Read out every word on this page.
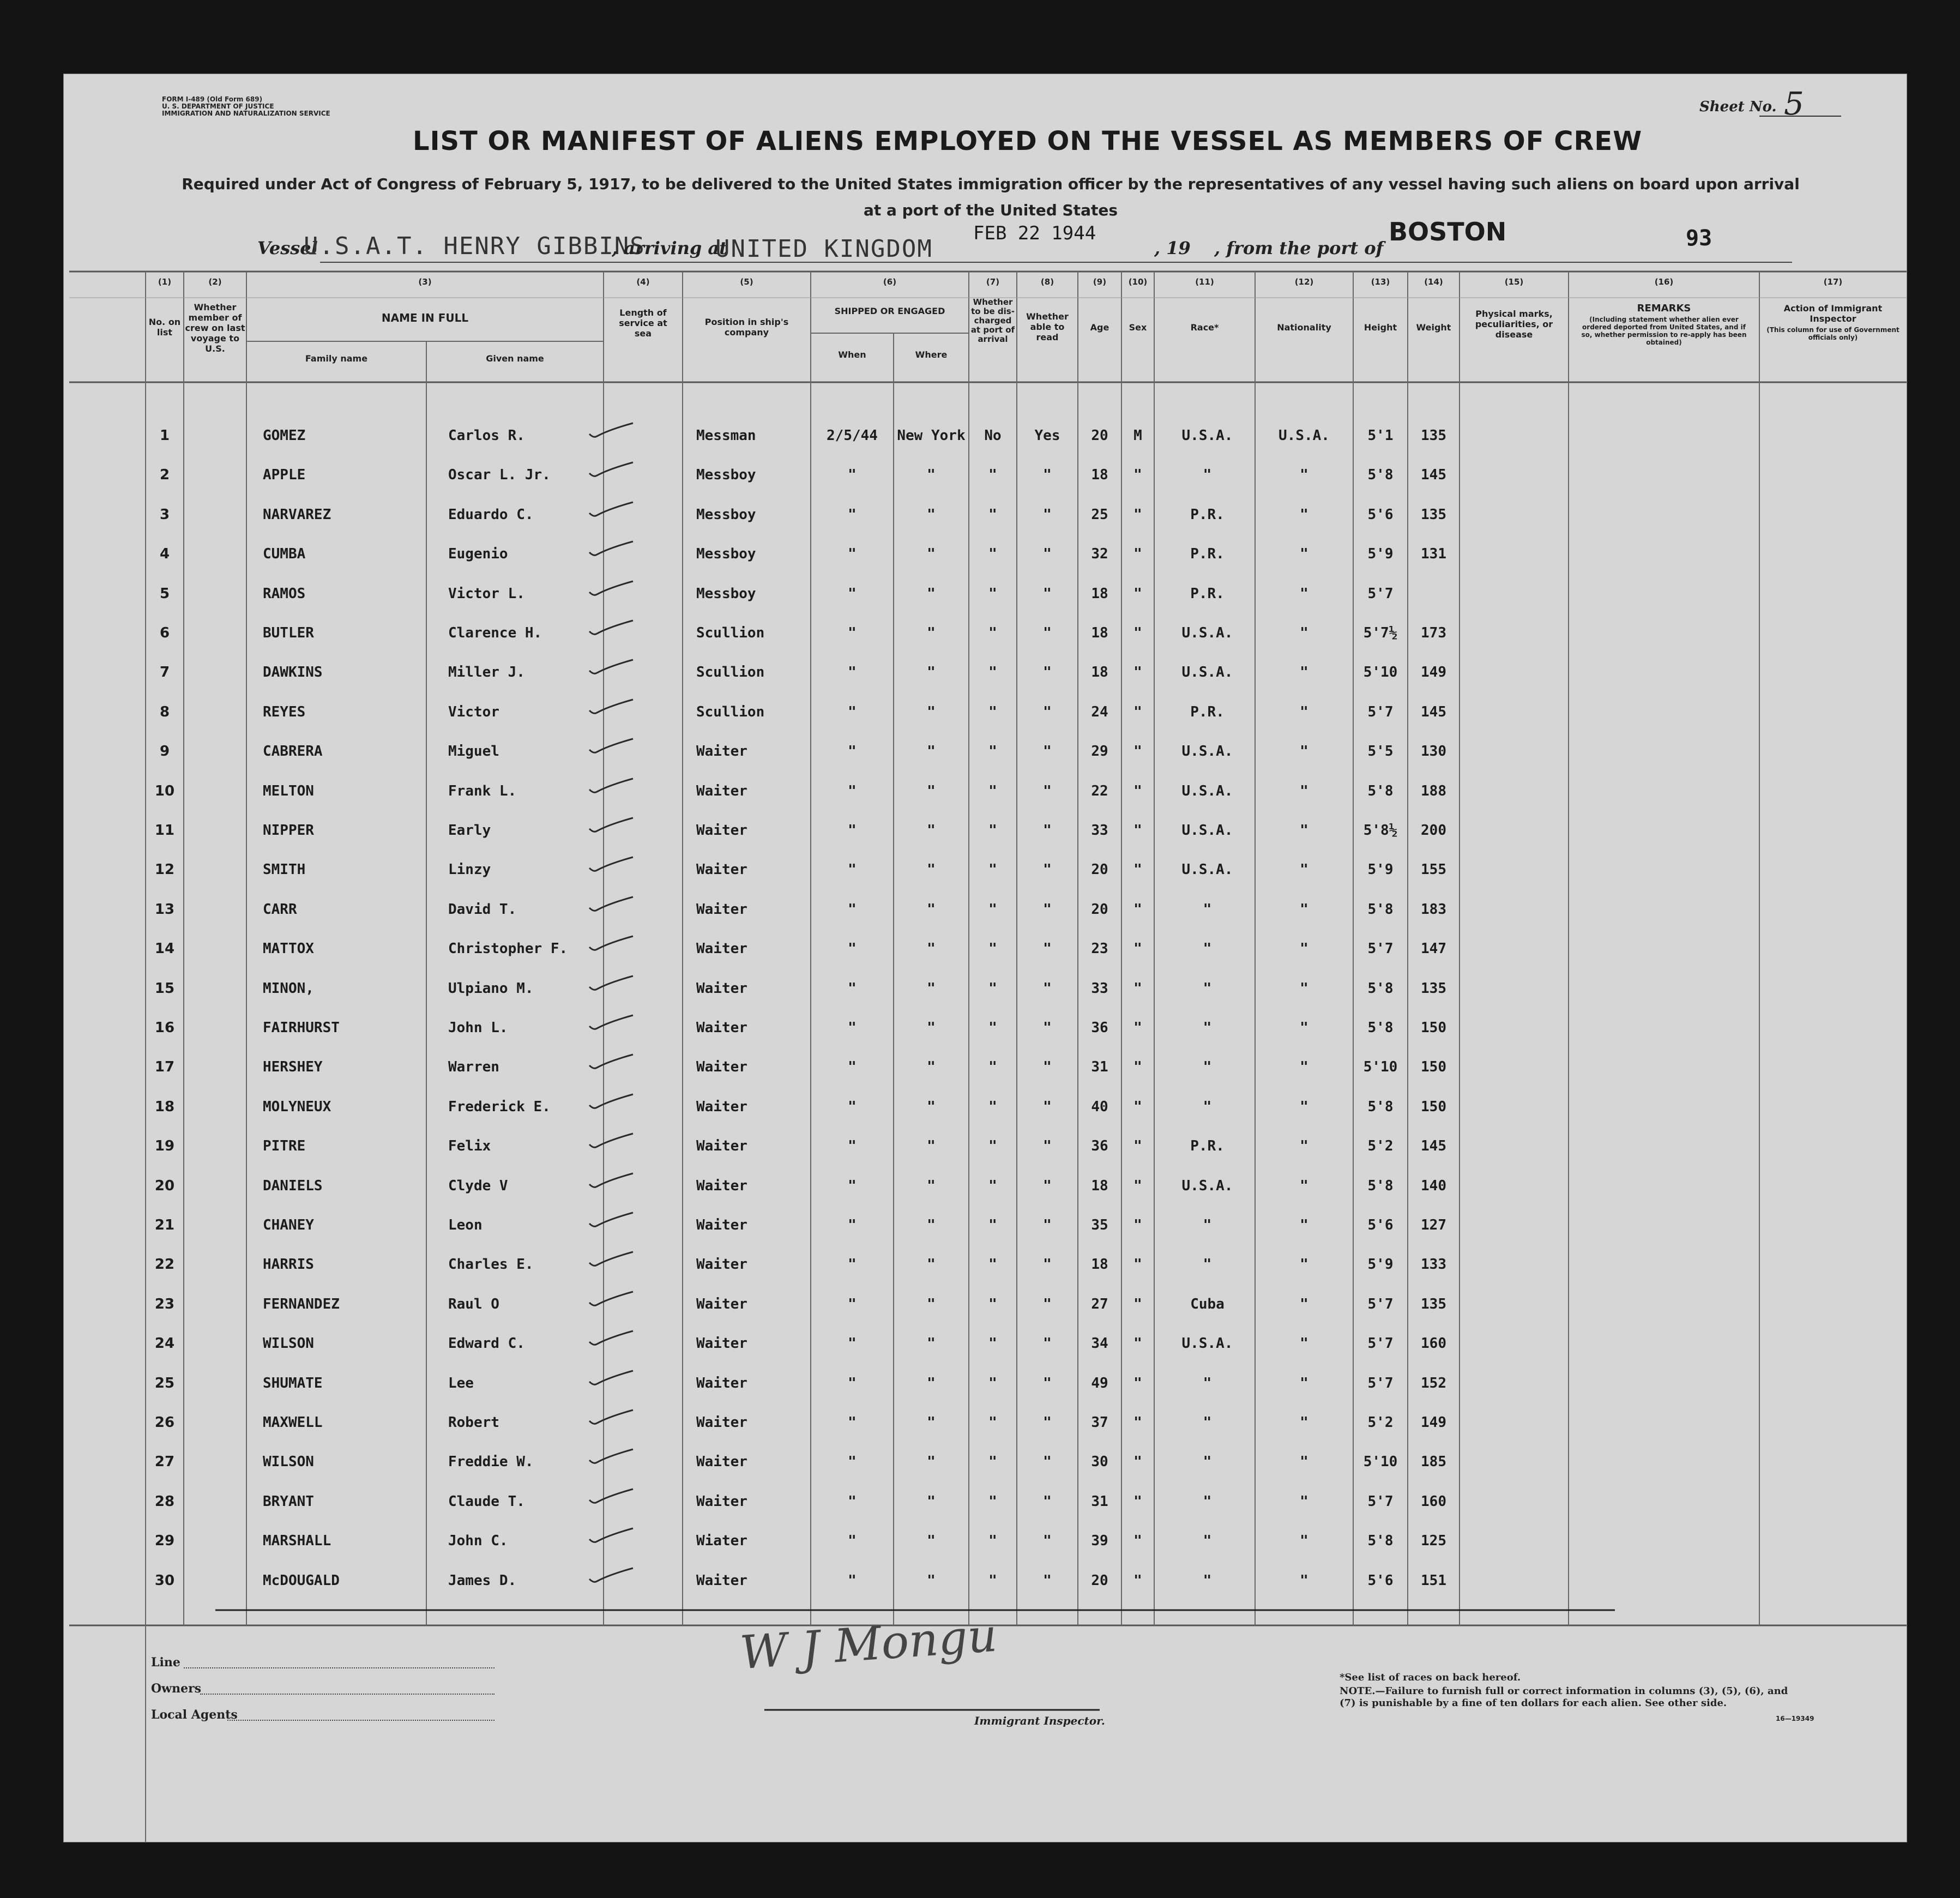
FORM I-489 (Old Form 689)
U. S. DEPARTMENT OF JUSTICE
IMMIGRATION AND NATURALIZATION SERVICE	Sheet No. 5
LIST OR MANIFEST OF ALIENS EMPLOYED ON THE VESSEL AS MEMBERS OF CREW
Required under Act of Congress of February 5, 1917, to be delivered to the United States immigration officer by the representatives of any vessel having such aliens on board upon arrival at a port of the United States
Vessel
U.S.A.T. HENRY GIBBINS
, arriving at
UNITED KINGDOM
FEB 22 1944
, 19 , from the port of
BOSTON	93
(1)	(2)	(3)	(4)	(5)	(6)	(7)	(8)	(9)	(10)	(11)	(12)	(13)	(14)	(15)	(16)	(17)
No. on list
Whether member of crew on last voyage to U.S.
NAME IN FULL
Family name	Given name
Length of service at sea
Position in ship's company
SHIPPED OR ENGAGED
When	Where
Whether to be dis-charged at port of arrival
Whether able to read
Age	Sex	Race*	Nationality	Height	Weight
Physical marks, peculiarities, or disease
REMARKS
(Including statement whether alien ever ordered deported from United States, and if so, whether permission to re-apply has been obtained)
Action of Immigrant Inspector
(This column for use of Government officials only)
1	GOMEZ	Carlos R.	Messman	2/5/44	New York	No	Yes	20	M	U.S.A.	U.S.A.	5'1	135
2	APPLE	Oscar L. Jr.	Messboy	"	"	"	"	18	"	"	"	5'8	145
3	NARVAREZ	Eduardo C.	Messboy	"	"	"	"	25	"	P.R.	"	5'6	135
4	CUMBA	Eugenio	Messboy	"	"	"	"	32	"	P.R.	"	5'9	131
5	RAMOS	Victor L.	Messboy	"	"	"	"	18	"	P.R.	"	5'7
6	BUTLER	Clarence H.	Scullion	"	"	"	"	18	"	U.S.A.	"	5'7½	173
7	DAWKINS	Miller J.	Scullion	"	"	"	"	18	"	U.S.A.	"	5'10	149
8	REYES	Victor	Scullion	"	"	"	"	24	"	P.R.	"	5'7	145
9	CABRERA	Miguel	Waiter	"	"	"	"	29	"	U.S.A.	"	5'5	130
10	MELTON	Frank L.	Waiter	"	"	"	"	22	"	U.S.A.	"	5'8	188
11	NIPPER	Early	Waiter	"	"	"	"	33	"	U.S.A.	"	5'8½	200
12	SMITH	Linzy	Waiter	"	"	"	"	20	"	U.S.A.	"	5'9	155
13	CARR	David T.	Waiter	"	"	"	"	20	"	"	"	5'8	183
14	MATTOX	Christopher F.	Waiter	"	"	"	"	23	"	"	"	5'7	147
15	MINON,	Ulpiano M.	Waiter	"	"	"	"	33	"	"	"	5'8	135
16	FAIRHURST	John L.	Waiter	"	"	"	"	36	"	"	"	5'8	150
17	HERSHEY	Warren	Waiter	"	"	"	"	31	"	"	"	5'10	150
18	MOLYNEUX	Frederick E.	Waiter	"	"	"	"	40	"	"	"	5'8	150
19	PITRE	Felix	Waiter	"	"	"	"	36	"	P.R.	"	5'2	145
20	DANIELS	Clyde V	Waiter	"	"	"	"	18	"	U.S.A.	"	5'8	140
21	CHANEY	Leon	Waiter	"	"	"	"	35	"	"	"	5'6	127
22	HARRIS	Charles E.	Waiter	"	"	"	"	18	"	"	"	5'9	133
23	FERNANDEZ	Raul O	Waiter	"	"	"	"	27	"	Cuba	"	5'7	135
24	WILSON	Edward C.	Waiter	"	"	"	"	34	"	U.S.A.	"	5'7	160
25	SHUMATE	Lee	Waiter	"	"	"	"	49	"	"	"	5'7	152
26	MAXWELL	Robert	Waiter	"	"	"	"	37	"	"	"	5'2	149
27	WILSON	Freddie W.	Waiter	"	"	"	"	30	"	"	"	5'10	185
28	BRYANT	Claude T.	Waiter	"	"	"	"	31	"	"	"	5'7	160
29	MARSHALL	John C.	Wiater	"	"	"	"	39	"	"	"	5'8	125
30	McDOUGALD	James D.	Waiter	"	"	"	"	20	"	"	"	5'6	151
Line
Owners
Local Agents
W J Mongu
Immigrant Inspector.
*See list of races on back hereof.
NOTE.—Failure to furnish full or correct information in columns (3), (5), (6), and (7) is punishable by a fine of ten dollars for each alien. See other side.
16—19349
